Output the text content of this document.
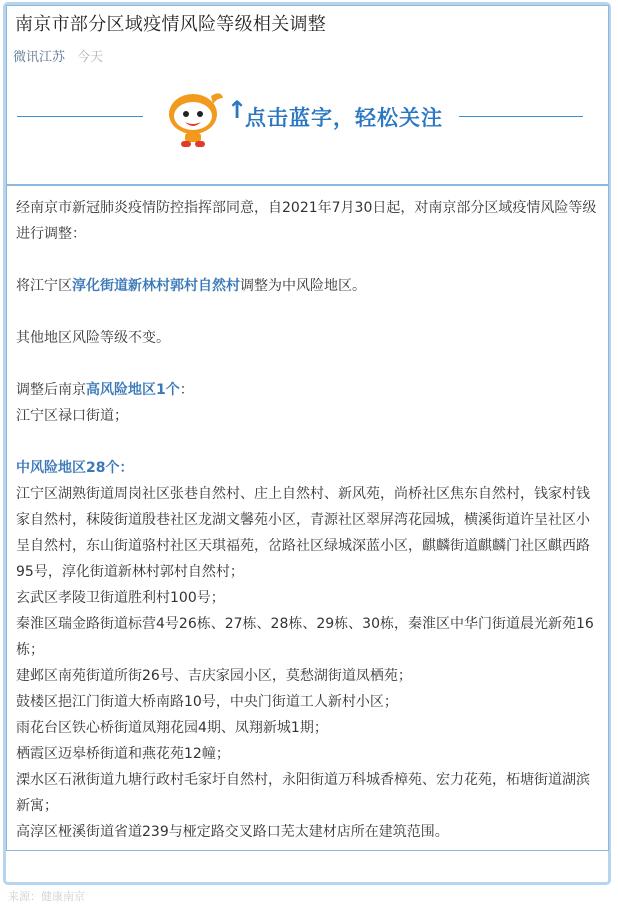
南京市部分区域疫情风险等级相关调整
微讯江苏 今天
↑
点击蓝字，轻松关注

经南京市新冠肺炎疫情防控指挥部同意，自2021年7月30日起，对南京部分区域疫情风险等级进行调整：

将江宁区淳化街道新林村郭村自然村调整为中风险地区。

其他地区风险等级不变。

调整后南京高风险地区1个：

江宁区禄口街道；

中风险地区28个：

江宁区湖熟街道周岗社区张巷自然村、庄上自然村、新风苑，尚桥社区焦东自然村，钱家村钱家自然村，秣陵街道殷巷社区龙湖文馨苑小区，青源社区翠屏湾花园城，横溪街道许呈社区小呈自然村，东山街道骆村社区天琪福苑，岔路社区绿城深蓝小区，麒麟街道麒麟门社区麒西路95号，淳化街道新林村郭村自然村；

玄武区孝陵卫街道胜利村100号；

秦淮区瑞金路街道标营4号26栋、27栋、28栋、29栋、30栋，秦淮区中华门街道晨光新苑16栋；

建邺区南苑街道所街26号、吉庆家园小区，莫愁湖街道凤栖苑；

鼓楼区挹江门街道大桥南路10号，中央门街道工人新村小区；

雨花台区铁心桥街道凤翔花园4期、凤翔新城1期；

栖霞区迈皋桥街道和燕花苑12幢；

溧水区石湫街道九塘行政村毛家圩自然村，永阳街道万科城香樟苑、宏力花苑，柘塘街道湖滨新寓；

高淳区桠溪街道省道239与桠定路交叉路口芜太建材店所在建筑范围。

来源：健康南京
